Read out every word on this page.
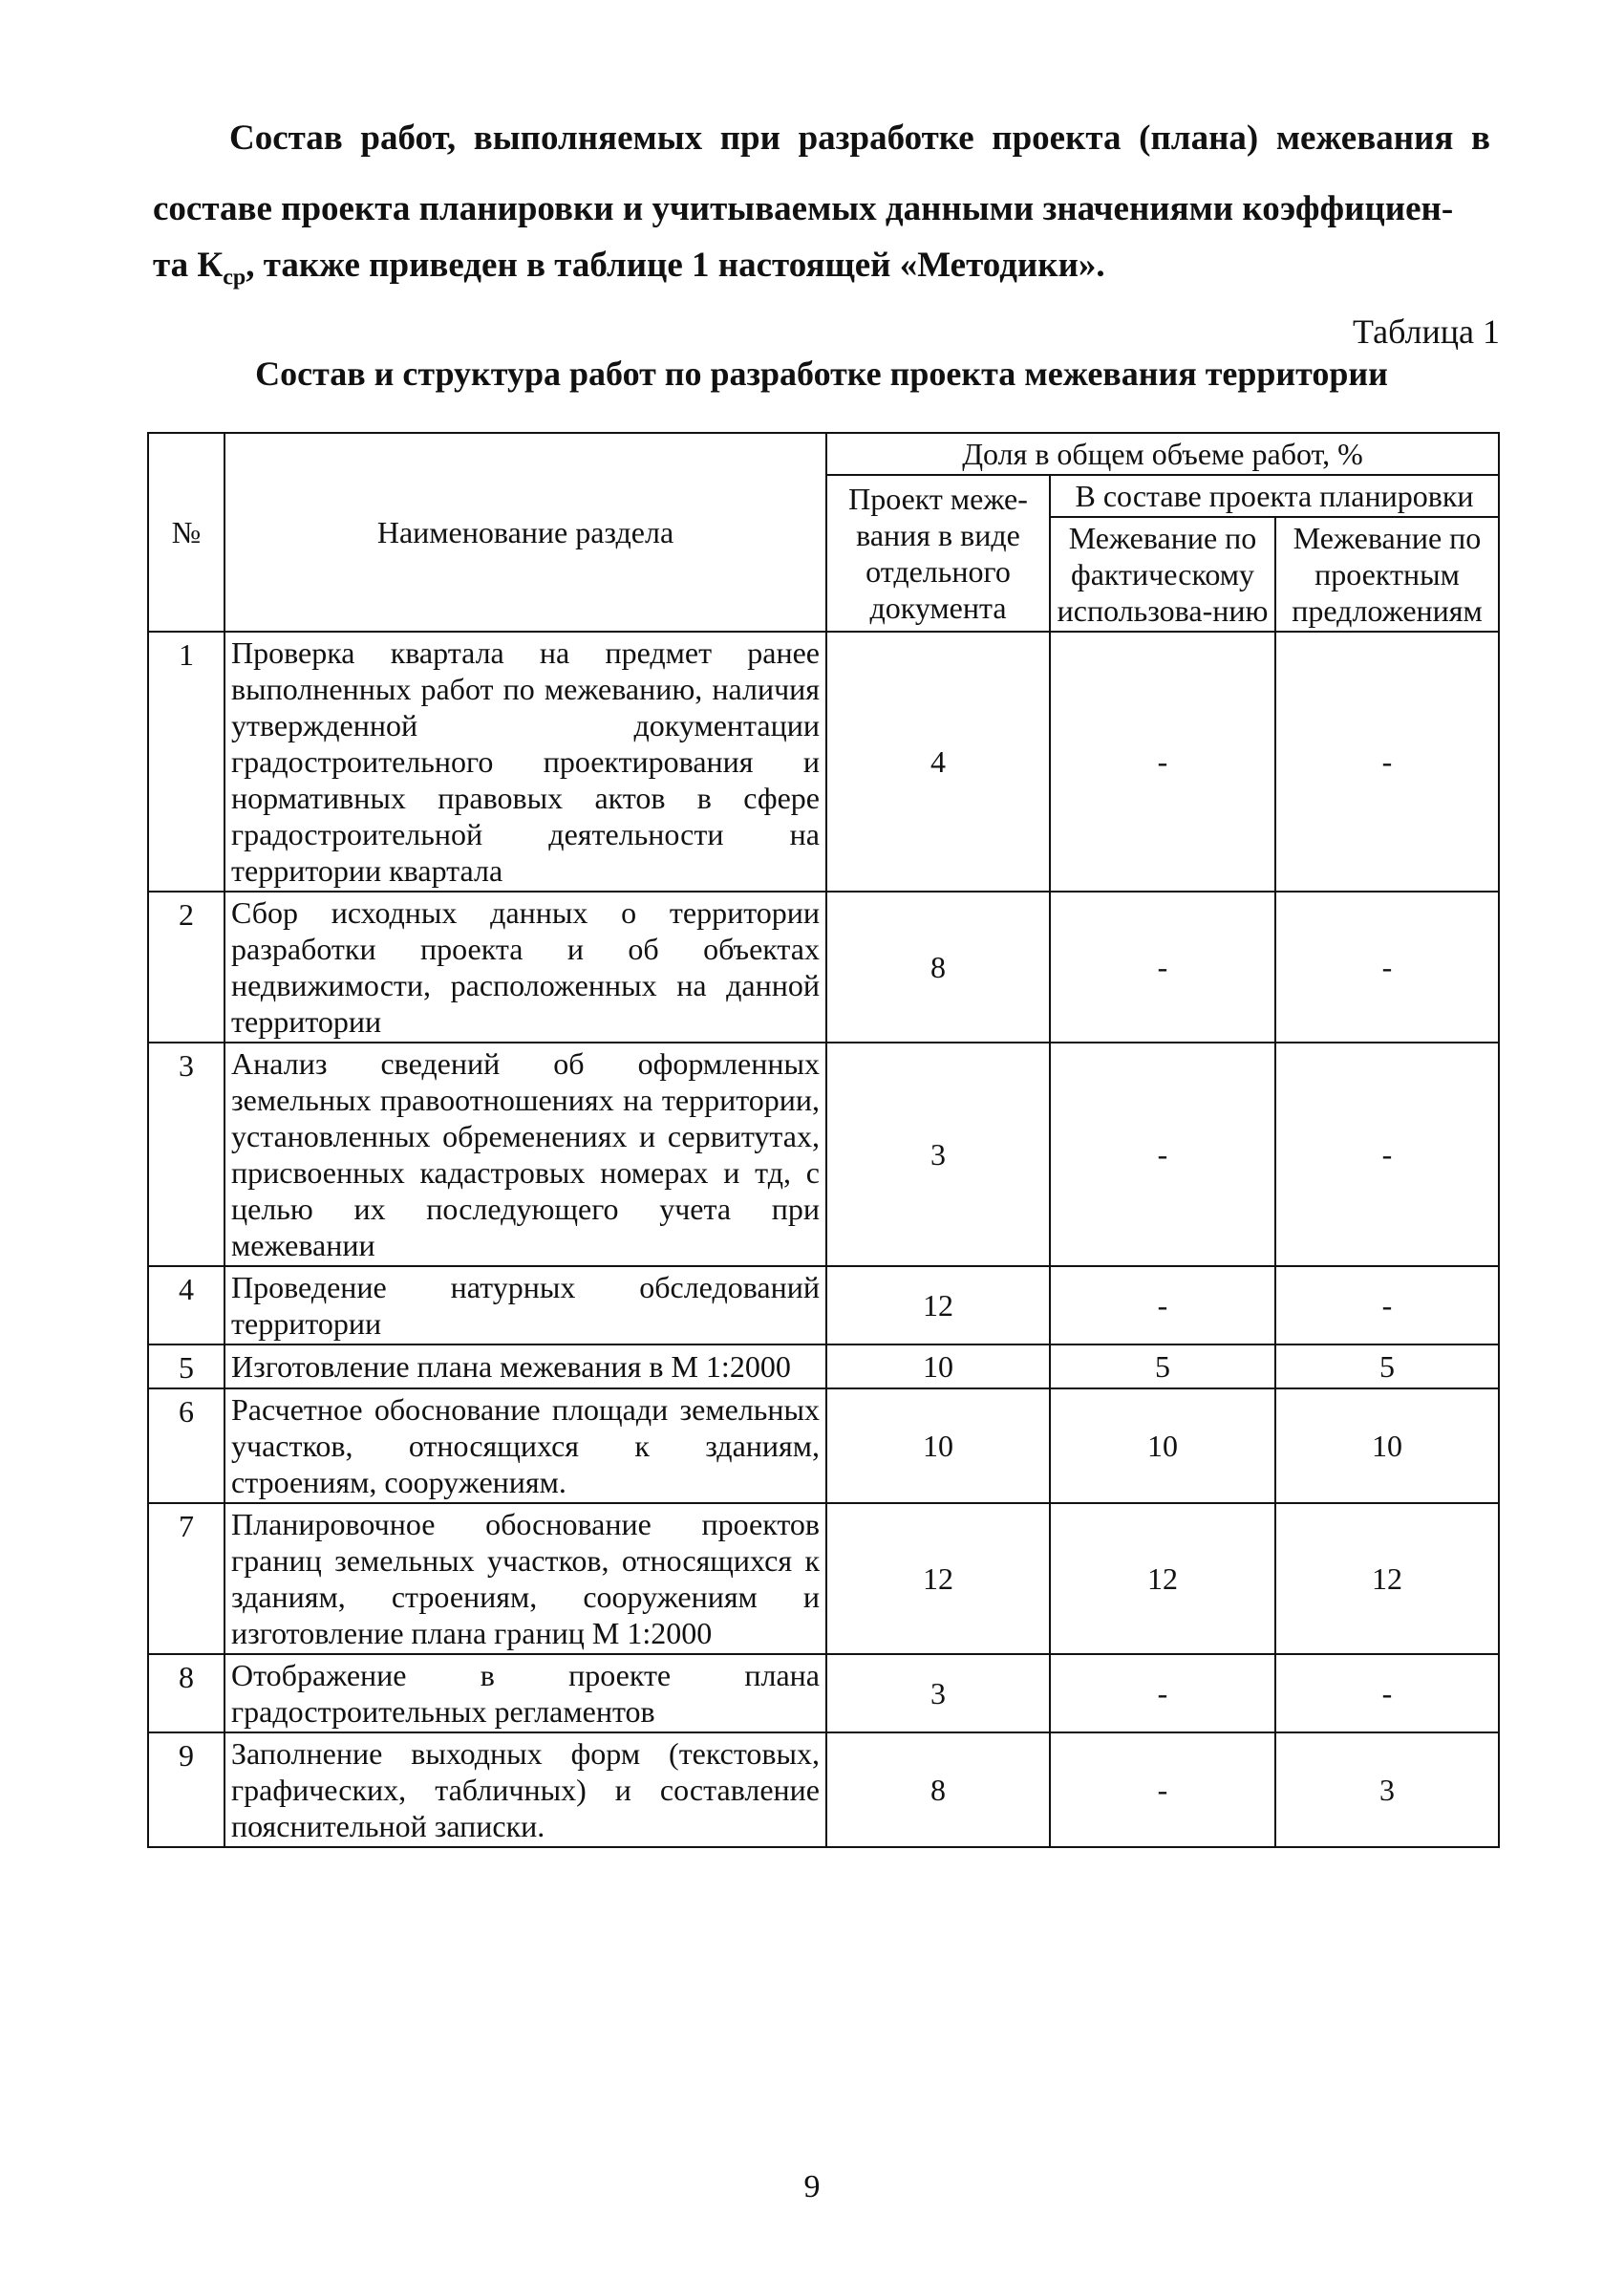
Состав работ, выполняемых при разработке проекта (плана) межевания в составе проекта планировки и учитываемых данными значениями коэффициен-
та $К_{ср}$, также приведен в таблице 1 настоящей «Методики».
Таблица 1
Состав и структура работ по разработке проекта межевания территории
№	Наименование раздела	Доля в общем объеме работ, %		
		Проект меже-вания в виде отдельного документа	В составе проекта планировки	
			Межевание по фактическому использова-нию	Межевание по проектным предложениям
1	Проверка квартала на предмет ранее выполненных работ по межеванию, наличия утвержденной документации градостроительного проектирования и нормативных правовых актов в сфере градостроительной деятельности на территории квартала	4	-	-
2	Сбор исходных данных о территории разработки проекта и об объектах недвижимости, расположенных на данной территории	8	-	-
3	Анализ сведений об оформленных земельных правоотношениях на территории, установленных обременениях и сервитутах, присвоенных кадастровых номерах и тд, с целью их последующего учета при межевании	3	-	-
4	Проведение натурных обследований территории	12	-	-
5	Изготовление плана межевания в М 1:2000	10	5	5
6	Расчетное обоснование площади земельных участков, относящихся к зданиям, строениям, сооружениям.	10	10	10
7	Планировочное обоснование проектов границ земельных участков, относящихся к зданиям, строениям, сооружениям и изготовление плана границ М 1:2000	12	12	12
8	Отображение в проекте плана градостроительных регламентов	3	-	-
9	Заполнение выходных форм (текстовых, графических, табличных) и составление пояснительной записки.	8	-	3
9
